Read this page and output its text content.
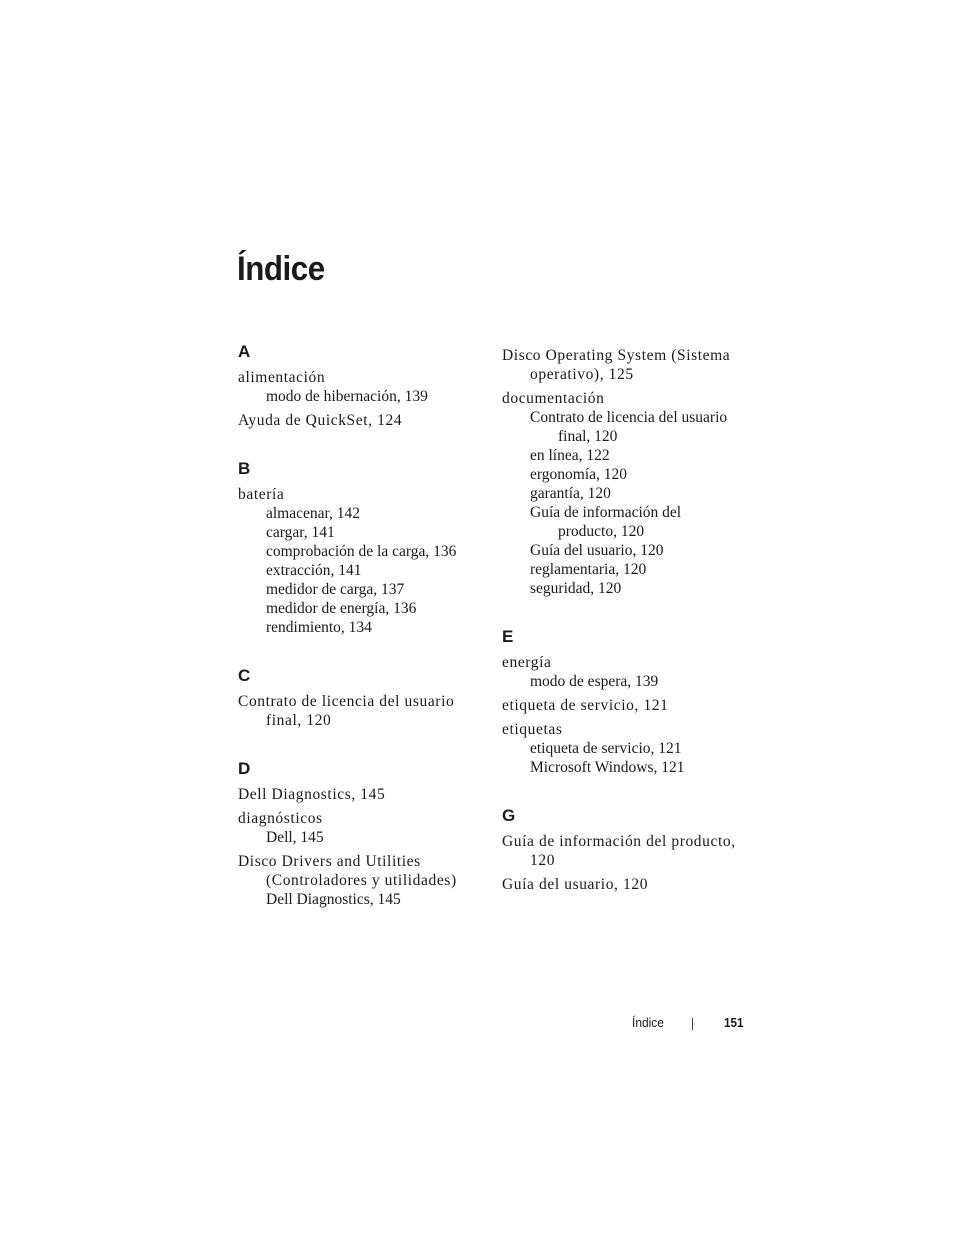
Índice
A
alimentación
modo de hibernación, 139
Ayuda de QuickSet, 124
B
batería
almacenar, 142
cargar, 141
comprobación de la carga, 136
extracción, 141
medidor de carga, 137
medidor de energía, 136
rendimiento, 134
C
Contrato de licencia del usuario final, 120
D
Dell Diagnostics, 145
diagnósticos
Dell, 145
Disco Drivers and Utilities (Controladores y utilidades)
Dell Diagnostics, 145
Disco Operating System (Sistema operativo), 125
documentación
Contrato de licencia del usuario final, 120
en línea, 122
ergonomía, 120
garantía, 120
Guía de información del producto, 120
Guía del usuario, 120
reglamentaria, 120
seguridad, 120
E
energía
modo de espera, 139
etiqueta de servicio, 121
etiquetas
etiqueta de servicio, 121
Microsoft Windows, 121
G
Guía de información del producto, 120
Guía del usuario, 120
Índice	151
